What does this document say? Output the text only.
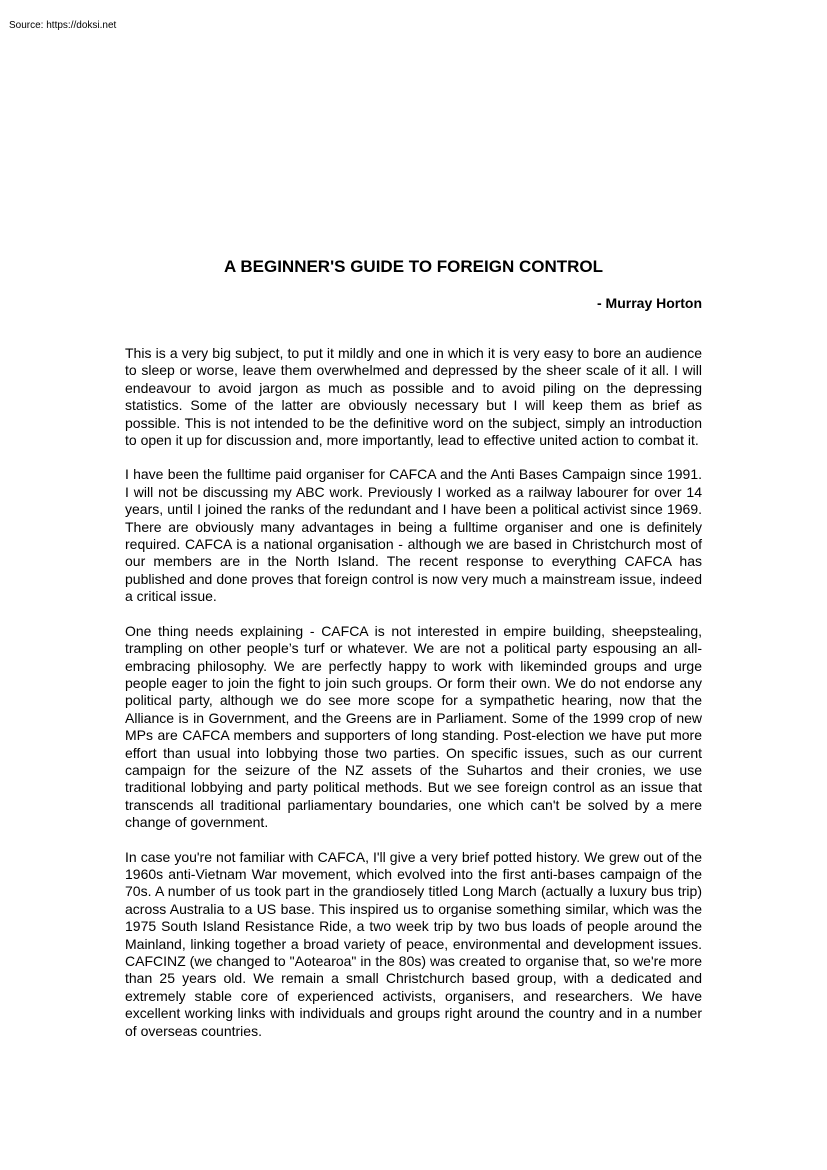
Source: https://doksi.net
A BEGINNER'S GUIDE TO FOREIGN CONTROL
- Murray Horton

This is a very big subject, to put it mildly and one in which it is very easy to bore an audience to sleep or worse, leave them overwhelmed and depressed by the sheer scale of it all. I will endeavour to avoid jargon as much as possible and to avoid piling on the depressing statistics. Some of the latter are obviously necessary but I will keep them as brief as possible. This is not intended to be the definitive word on the subject, simply an introduction to open it up for discussion and, more importantly, lead to effective united action to combat it.

I have been the fulltime paid organiser for CAFCA and the Anti Bases Campaign since 1991. I will not be discussing my ABC work. Previously I worked as a railway labourer for over 14 years, until I joined the ranks of the redundant and I have been a political activist since 1969. There are obviously many advantages in being a fulltime organiser and one is definitely required. CAFCA is a national organisation - although we are based in Christchurch most of our members are in the North Island. The recent response to everything CAFCA has published and done proves that foreign control is now very much a mainstream issue, indeed a critical issue.

One thing needs explaining - CAFCA is not interested in empire building, sheepstealing, trampling on other people’s turf or whatever. We are not a political party espousing an all-embracing philosophy. We are perfectly happy to work with likeminded groups and urge people eager to join the fight to join such groups. Or form their own. We do not endorse any political party, although we do see more scope for a sympathetic hearing, now that the Alliance is in Government, and the Greens are in Parliament. Some of the 1999 crop of new MPs are CAFCA members and supporters of long standing. Post-election we have put more effort than usual into lobbying those two parties. On specific issues, such as our current campaign for the seizure of the NZ assets of the Suhartos and their cronies, we use traditional lobbying and party political methods. But we see foreign control as an issue that transcends all traditional parliamentary boundaries, one which can't be solved by a mere change of government.

In case you're not familiar with CAFCA, I'll give a very brief potted history. We grew out of the 1960s anti-Vietnam War movement, which evolved into the first anti-bases campaign of the 70s. A number of us took part in the grandiosely titled Long March (actually a luxury bus trip) across Australia to a US base. This inspired us to organise something similar, which was the 1975 South Island Resistance Ride, a two week trip by two bus loads of people around the Mainland, linking together a broad variety of peace, environmental and development issues. CAFCINZ (we changed to "Aotearoa" in the 80s) was created to organise that, so we're more than 25 years old. We remain a small Christchurch based group, with a dedicated and extremely stable core of experienced activists, organisers, and researchers. We have excellent working links with individuals and groups right around the country and in a number of overseas countries.
